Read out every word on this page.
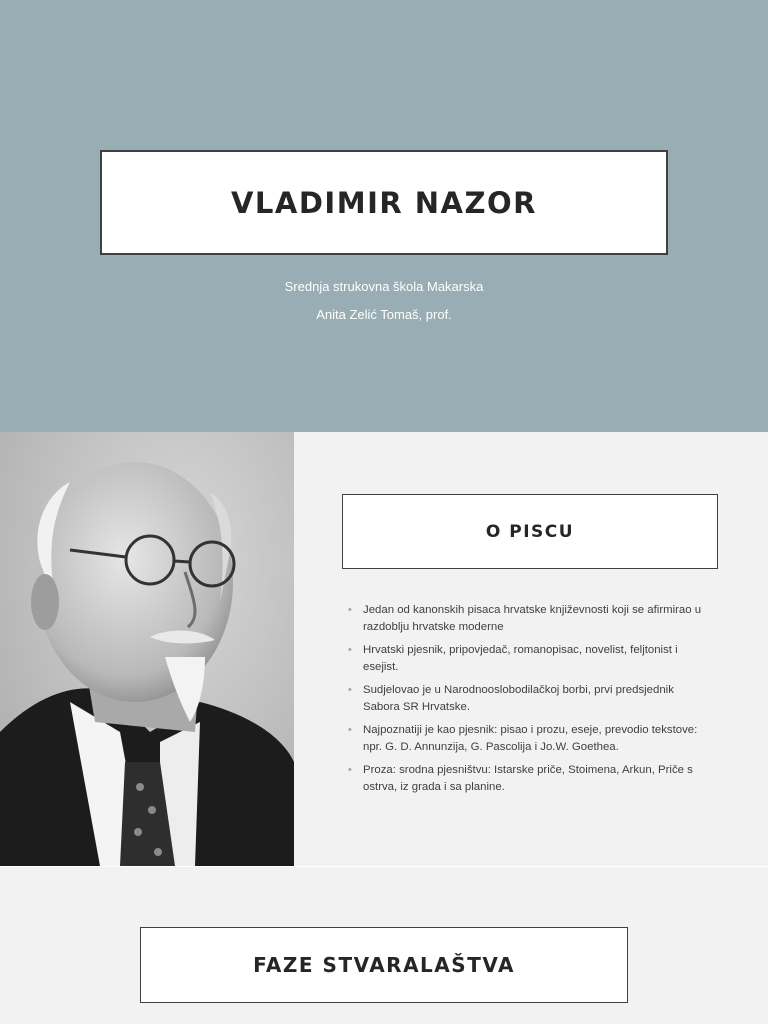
VLADIMIR NAZOR

Srednja strukovna škola Makarska

Anita Zelić Tomaš, prof.

O PISCU
• Jedan od kanonskih pisaca hrvatske književnosti koji se afirmirao u razdoblju hrvatske moderne
• Hrvatski pjesnik, pripovjedač, romanopisac, novelist, feljtonist i esejist.
• Sudjelovao je u Narodnooslobodilačkoj borbi, prvi predsjednik Sabora SR Hrvatske.
• Najpoznatiji je kao pjesnik: pisao i prozu, eseje, prevodio tekstove: npr. G. D. Annunzija, G. Pascolija i Jo.W. Goethea.
• Proza: srodna pjesništvu: Istarske priče, Stoimena, Arkun, Priče s ostrva, iz grada i sa planine.
FAZE STVARALAŠTVA
